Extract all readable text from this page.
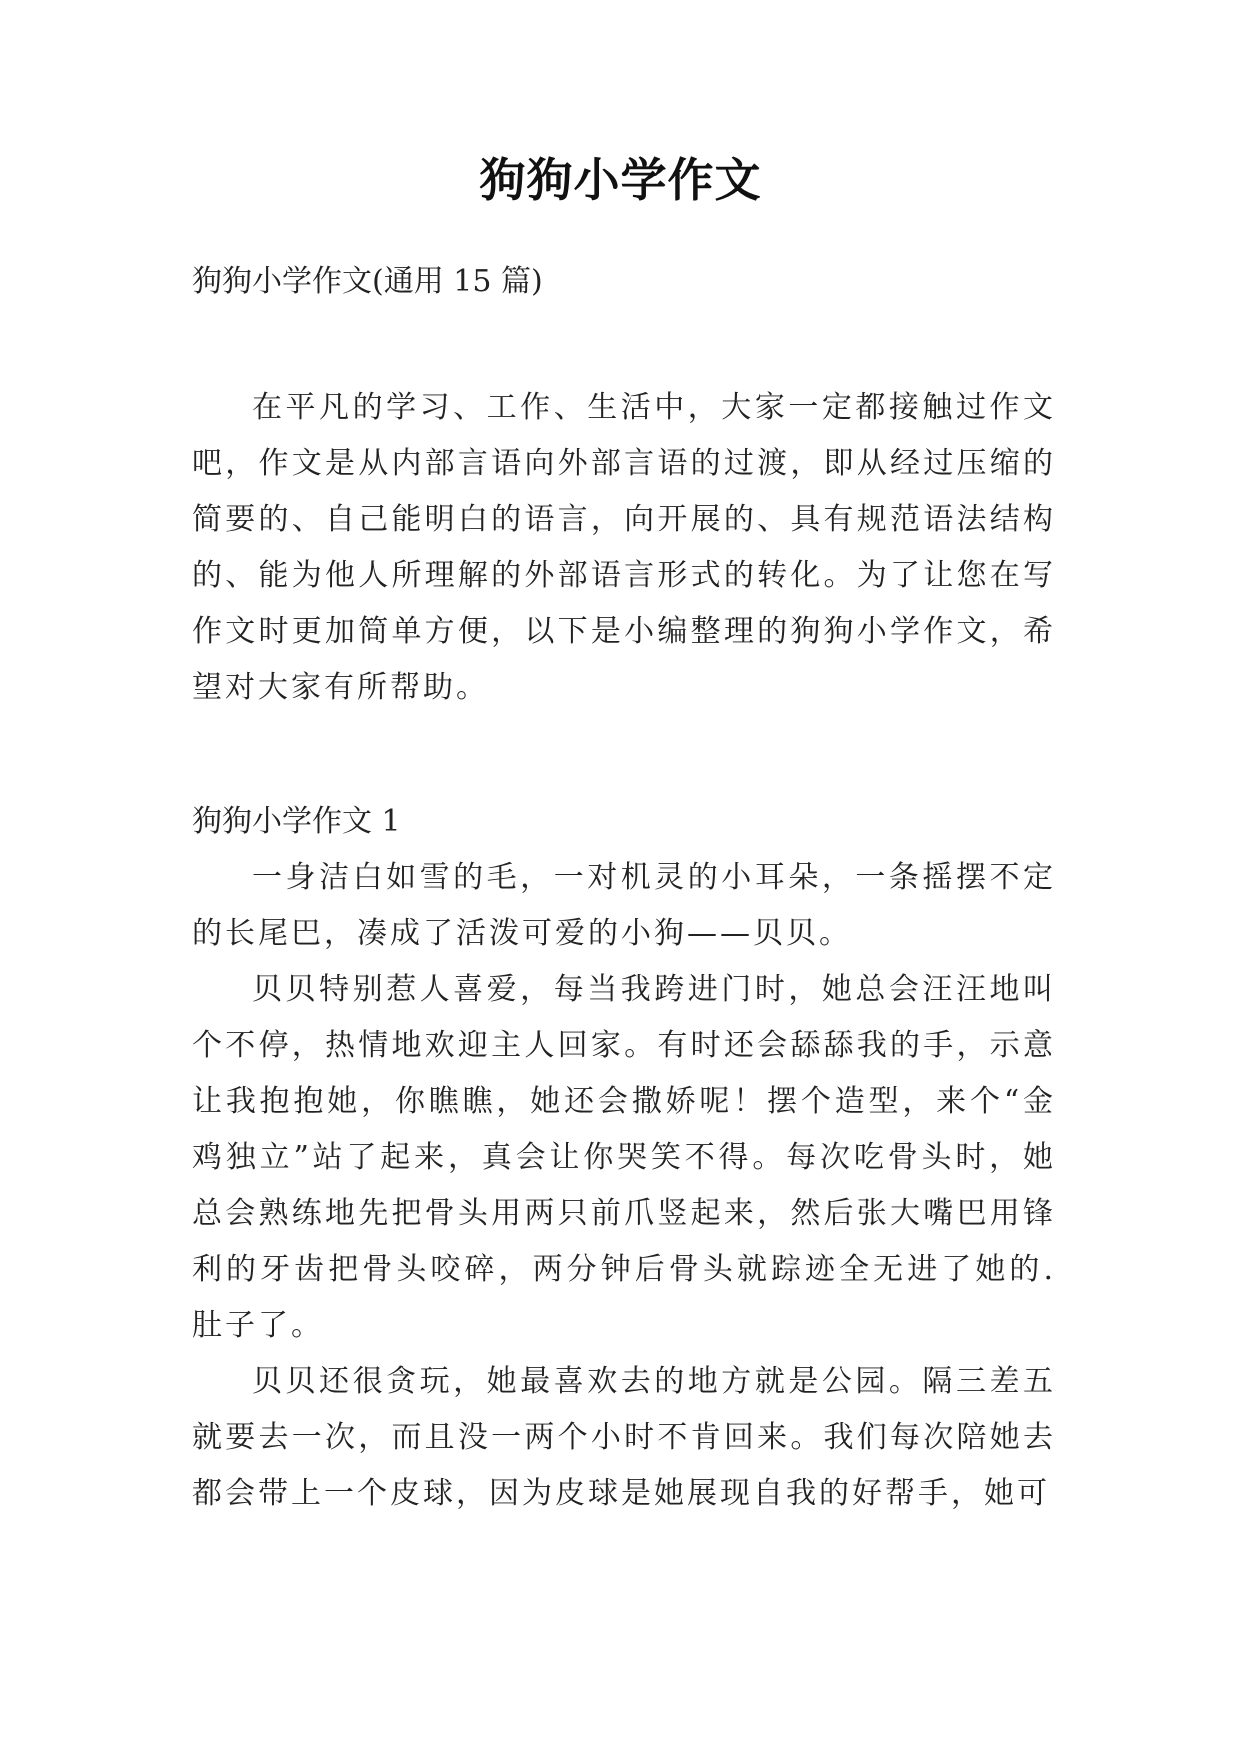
狗狗小学作文

狗狗小学作文(通用 15 篇)

在平凡的学习、工作、生活中，大家一定都接触过作文吧，作文是从内部言语向外部言语的过渡，即从经过压缩的简要的、自己能明白的语言，向开展的、具有规范语法结构的、能为他人所理解的外部语言形式的转化。为了让您在写作文时更加简单方便，以下是小编整理的狗狗小学作文，希望对大家有所帮助。

狗狗小学作文 1

一身洁白如雪的毛，一对机灵的小耳朵，一条摇摆不定的长尾巴，凑成了活泼可爱的小狗——贝贝。

贝贝特别惹人喜爱，每当我跨进门时，她总会汪汪地叫个不停，热情地欢迎主人回家。有时还会舔舔我的手，示意让我抱抱她，你瞧瞧，她还会撒娇呢！摆个造型，来个“金鸡独立”站了起来，真会让你哭笑不得。每次吃骨头时，她总会熟练地先把骨头用两只前爪竖起来，然后张大嘴巴用锋利的牙齿把骨头咬碎，两分钟后骨头就踪迹全无进了她的.肚子了。

贝贝还很贪玩，她最喜欢去的地方就是公园。隔三差五就要去一次，而且没一两个小时不肯回来。我们每次陪她去都会带上一个皮球，因为皮球是她展现自我的好帮手，她可
